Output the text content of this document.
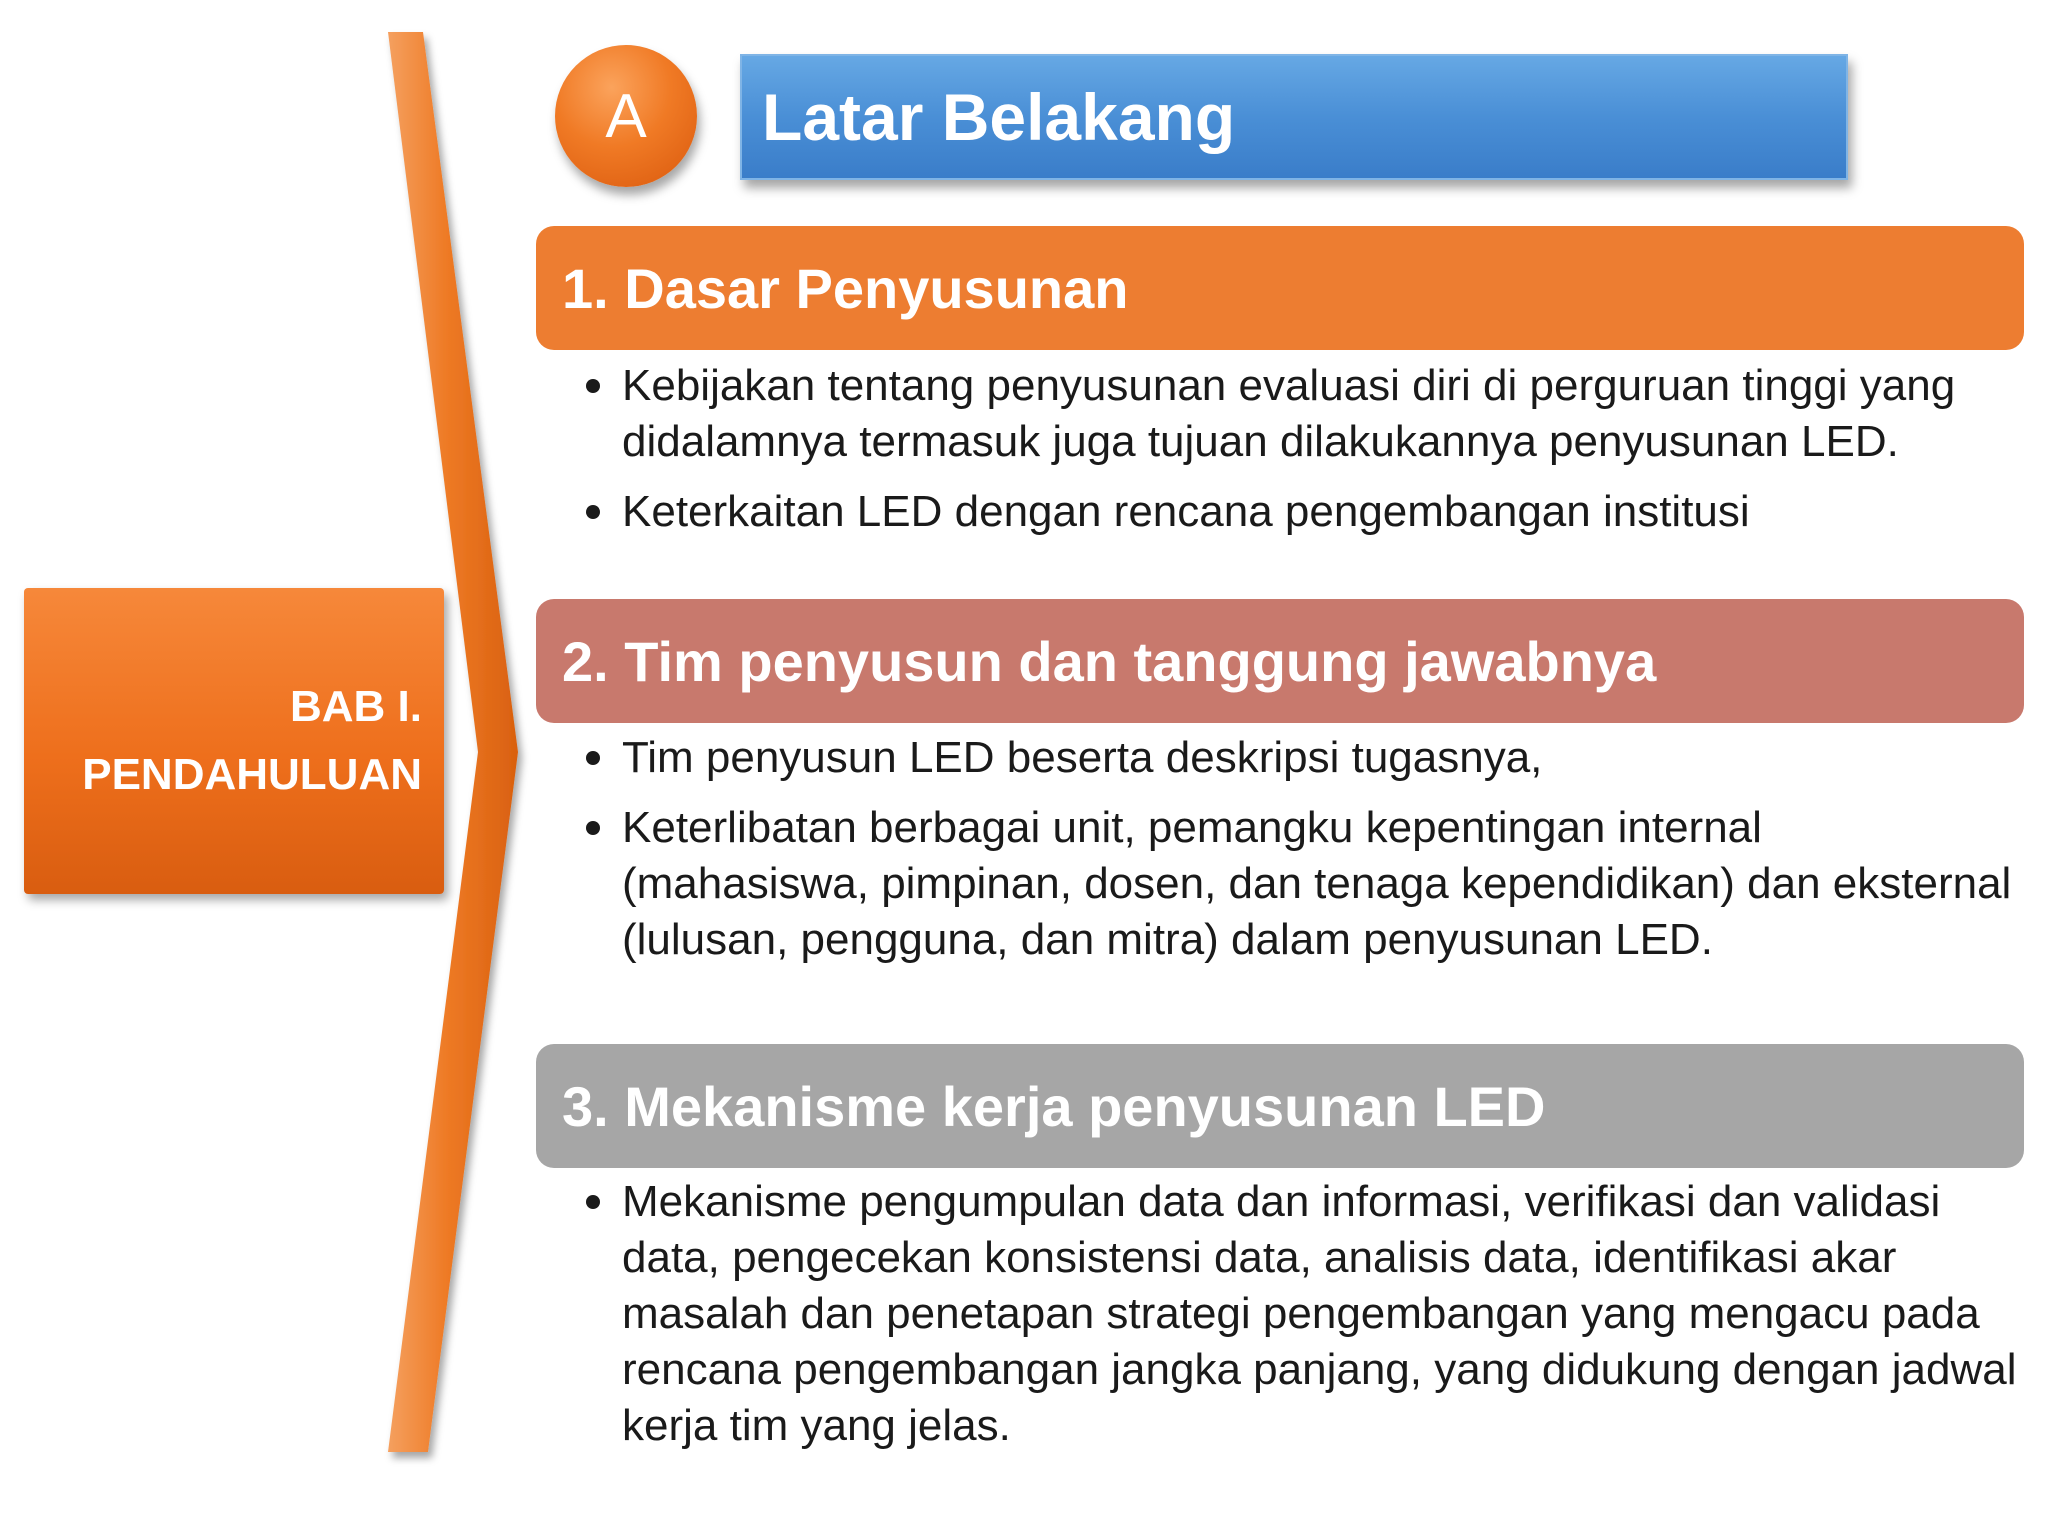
BAB I.
PENDAHULUAN
A Latar Belakang
1. Dasar Penyusunan
Kebijakan tentang penyusunan evaluasi diri di perguruan tinggi yang didalamnya termasuk juga tujuan dilakukannya penyusunan LED.
Keterkaitan LED dengan rencana pengembangan institusi
2. Tim penyusun dan tanggung jawabnya
Tim penyusun LED beserta deskripsi tugasnya,
Keterlibatan berbagai unit, pemangku kepentingan internal (mahasiswa, pimpinan, dosen, dan tenaga kependidikan) dan eksternal (lulusan, pengguna, dan mitra) dalam penyusunan LED.
3. Mekanisme kerja penyusunan LED
Mekanisme pengumpulan data dan informasi, verifikasi dan validasi data, pengecekan konsistensi data, analisis data, identifikasi akar masalah dan penetapan strategi pengembangan yang mengacu pada rencana pengembangan jangka panjang, yang didukung dengan jadwal kerja tim yang jelas.
